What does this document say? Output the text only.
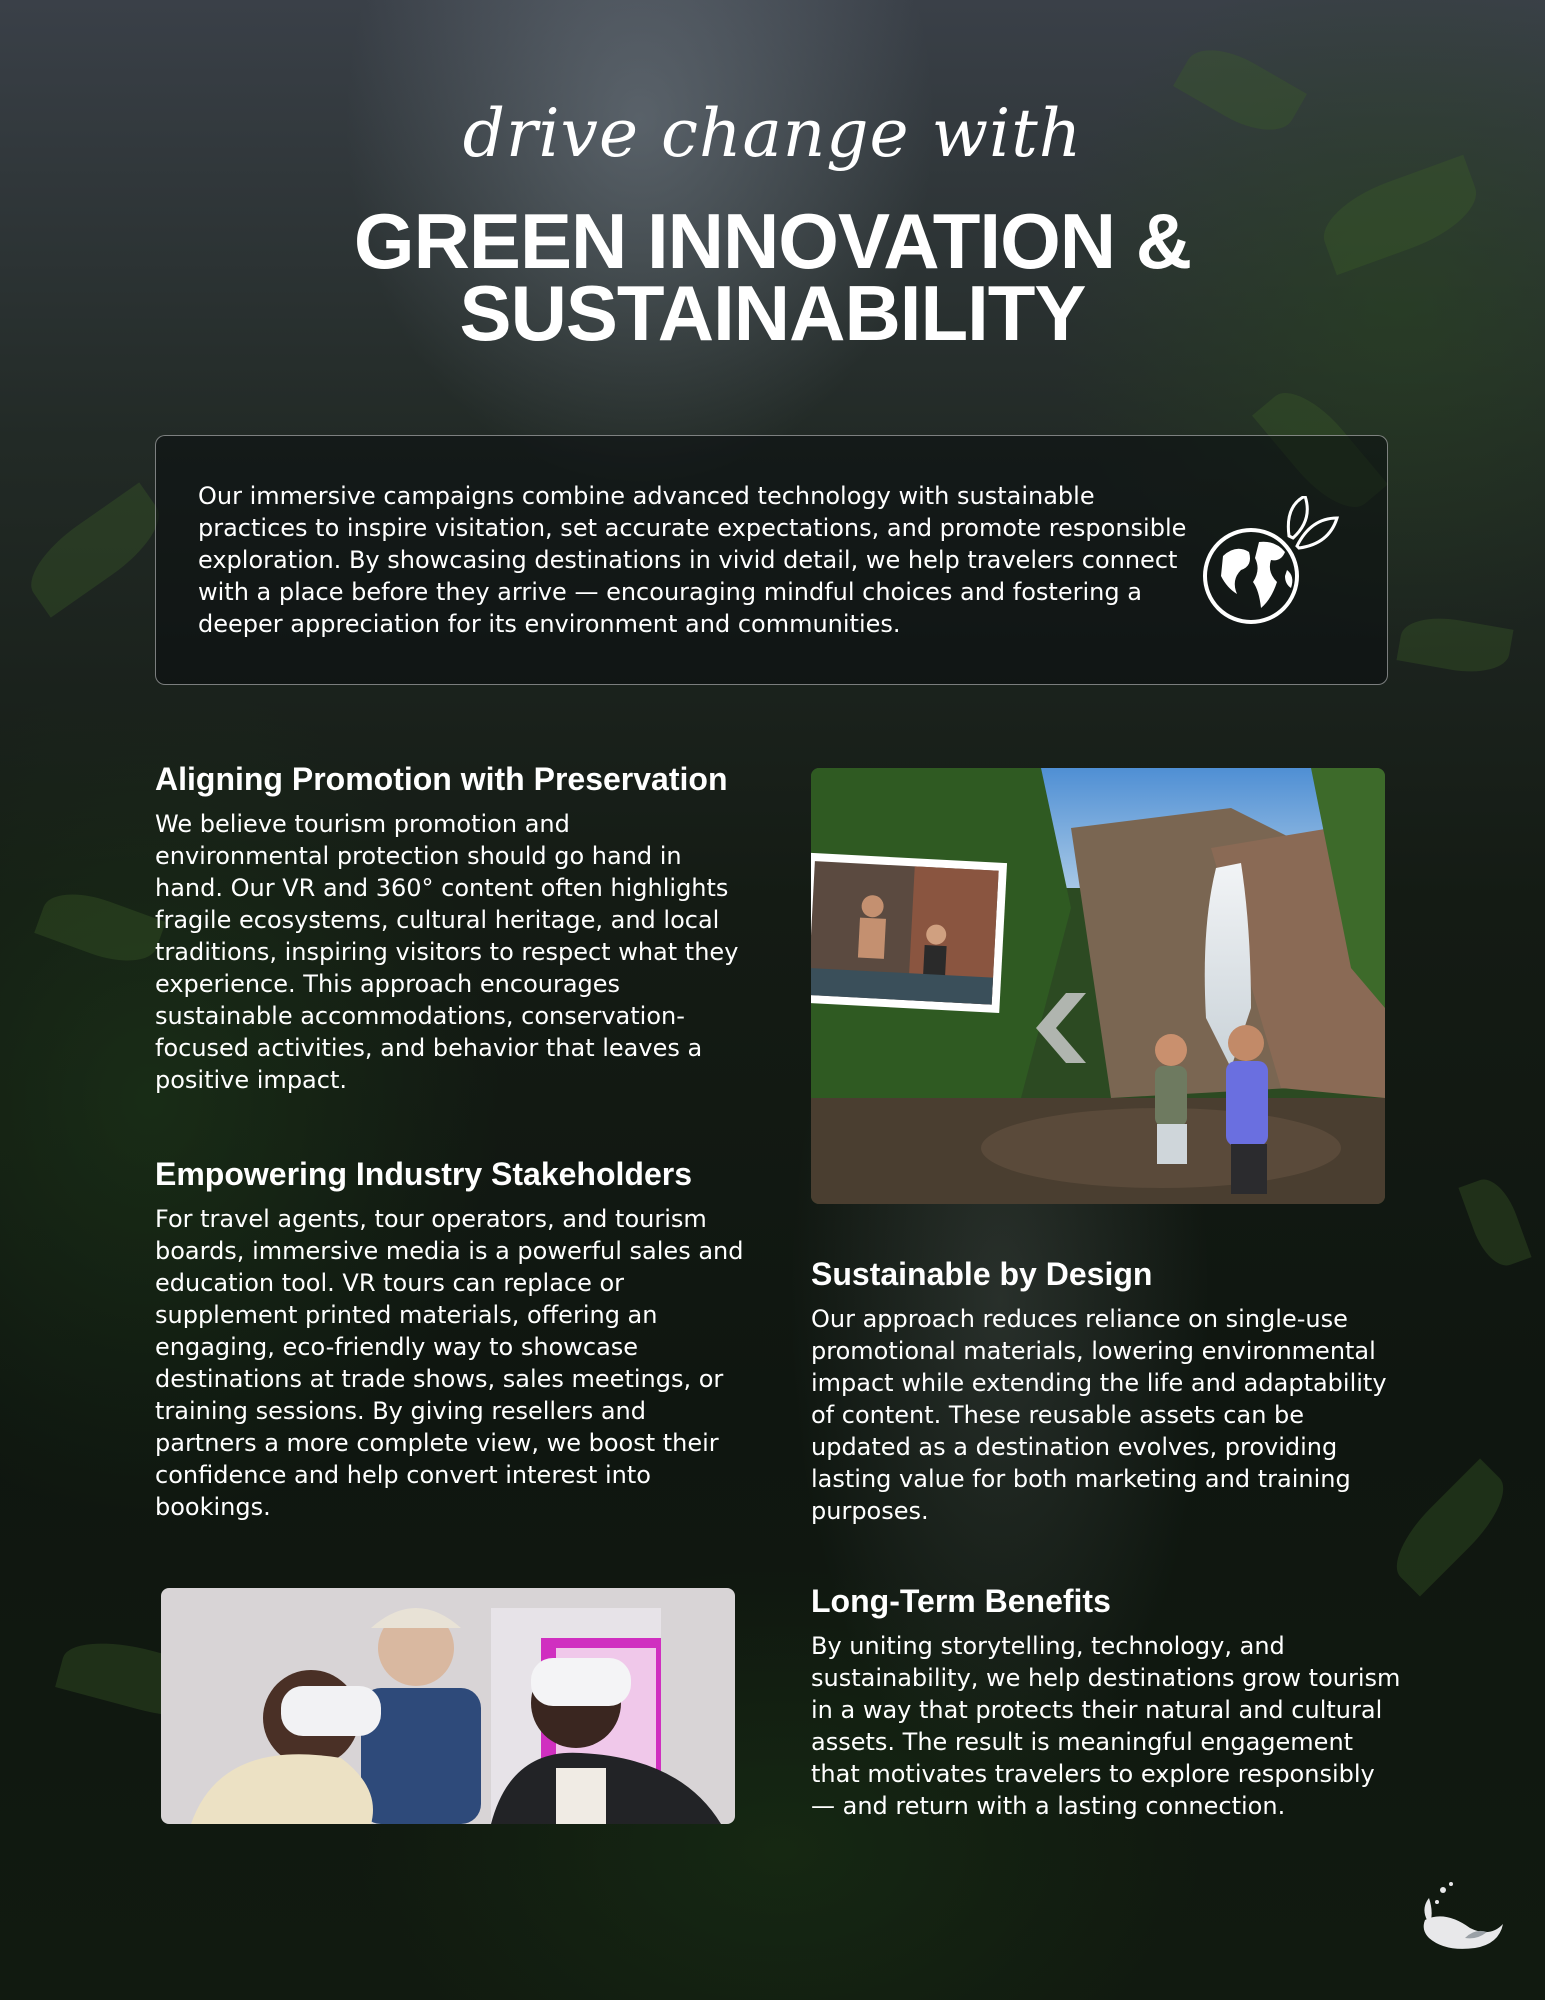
drive change with
GREEN INNOVATION &
SUSTAINABILITY
Our immersive campaigns combine advanced technology with sustainable practices to inspire visitation, set accurate expectations, and promote responsible exploration. By showcasing destinations in vivid detail, we help travelers connect with a place before they arrive — encouraging mindful choices and fostering a deeper appreciation for its environment and communities.
Aligning Promotion with Preservation

We believe tourism promotion and environmental protection should go hand in hand. Our VR and 360° content often highlights fragile ecosystems, cultural heritage, and local traditions, inspiring visitors to respect what they experience. This approach encourages sustainable accommodations, conservation-focused activities, and behavior that leaves a positive impact.

Empowering Industry Stakeholders

For travel agents, tour operators, and tourism boards, immersive media is a powerful sales and education tool. VR tours can replace or supplement printed materials, offering an engaging, eco-friendly way to showcase destinations at trade shows, sales meetings, or training sessions. By giving resellers and partners a more complete view, we boost their confidence and help convert interest into bookings.

Sustainable by Design

Our approach reduces reliance on single-use promotional materials, lowering environmental impact while extending the life and adaptability of content. These reusable assets can be updated as a destination evolves, providing lasting value for both marketing and training purposes.

Long-Term Benefits

By uniting storytelling, technology, and sustainability, we help destinations grow tourism in a way that protects their natural and cultural assets. The result is meaningful engagement that motivates travelers to explore responsibly — and return with a lasting connection.
